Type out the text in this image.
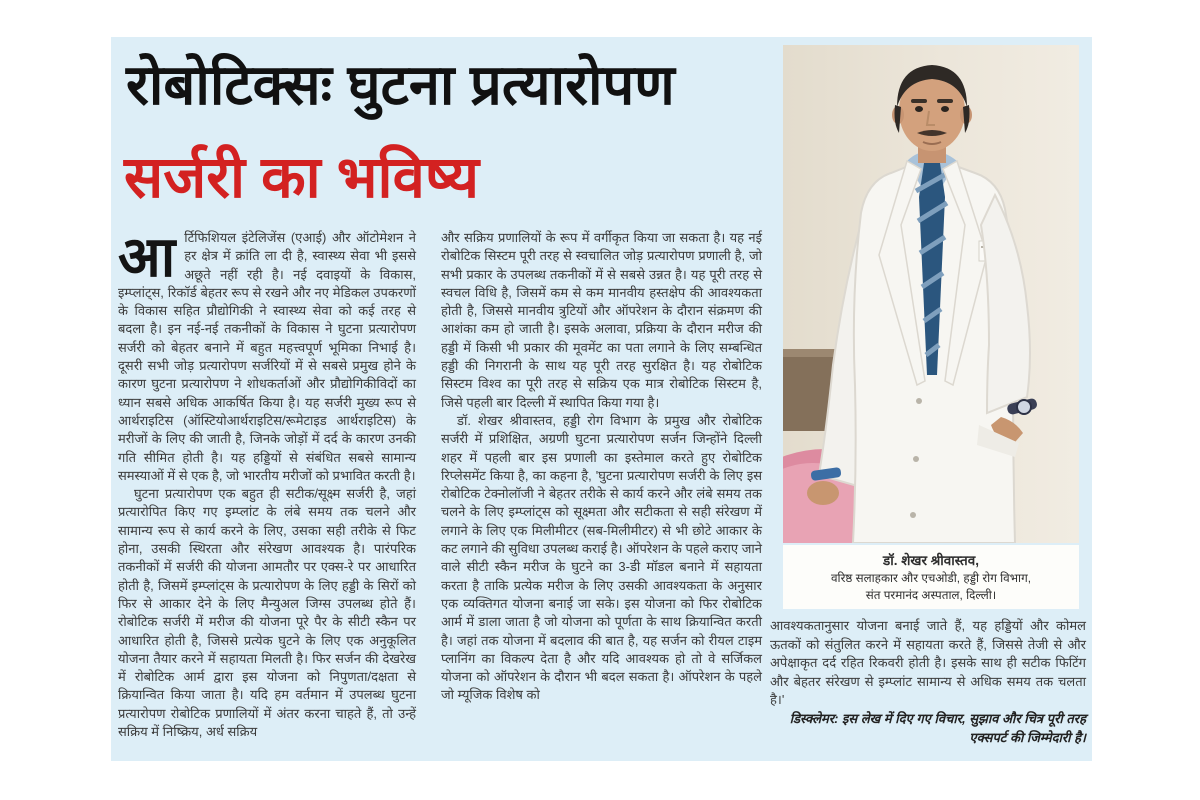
रोबोटिक्सः घुटना प्रत्यारोपण
सर्जरी का भविष्य

आर्टिफिशियल इंटेलिजेंस (एआई) और ऑटोमेशन ने हर क्षेत्र में क्रांति ला दी है, स्वास्थ्य सेवा भी इससे अछूते नहीं रही है। नई दवाइयों के विकास, इम्प्लांट्स, रिकॉर्ड बेहतर रूप से रखने और नए मेडिकल उपकरणों के विकास सहित प्रौद्योगिकी ने स्वास्थ्य सेवा को कई तरह से बदला है। इन नई-नई तकनीकों के विकास ने घुटना प्रत्यारोपण सर्जरी को बेहतर बनाने में बहुत महत्त्वपूर्ण भूमिका निभाई है। दूसरी सभी जोड़ प्रत्यारोपण सर्जरियों में से सबसे प्रमुख होने के कारण घुटना प्रत्यारोपण ने शोधकर्ताओं और प्रौद्योगिकीविदों का ध्यान सबसे अधिक आकर्षित किया है। यह सर्जरी मुख्य रूप से आर्थराइटिस (ऑस्टियोआर्थराइटिस/रूमेटाइड आर्थराइटिस) के मरीजों के लिए की जाती है, जिनके जोड़ों में दर्द के कारण उनकी गति सीमित होती है। यह हड्डियों से संबंधित सबसे सामान्य समस्याओं में से एक है, जो भारतीय मरीजों को प्रभावित करती है।

घुटना प्रत्यारोपण एक बहुत ही सटीक/सूक्ष्म सर्जरी है, जहां प्रत्यारोपित किए गए इम्प्लांट के लंबे समय तक चलने और सामान्य रूप से कार्य करने के लिए, उसका सही तरीके से फिट होना, उसकी स्थिरता और संरेखण आवश्यक है। पारंपरिक तकनीकों में सर्जरी की योजना आमतौर पर एक्स-रे पर आधारित होती है, जिसमें इम्प्लांट्स के प्रत्यारोपण के लिए हड्डी के सिरों को फिर से आकार देने के लिए मैन्युअल जिग्स उपलब्ध होते हैं। रोबोटिक सर्जरी में मरीज की योजना पूरे पैर के सीटी स्कैन पर आधारित होती है, जिससे प्रत्येक घुटने के लिए एक अनुकूलित योजना तैयार करने में सहायता मिलती है। फिर सर्जन की देखरेख में रोबोटिक आर्म द्वारा इस योजना को निपुणता/दक्षता से क्रियान्वित किया जाता है। यदि हम वर्तमान में उपलब्ध घुटना प्रत्यारोपण रोबोटिक प्रणालियों में अंतर करना चाहते हैं, तो उन्हें सक्रिय में निष्क्रिय, अर्ध सक्रिय

और सक्रिय प्रणालियों के रूप में वर्गीकृत किया जा सकता है। यह नई रोबोटिक सिस्टम पूरी तरह से स्वचालित जोड़ प्रत्यारोपण प्रणाली है, जो सभी प्रकार के उपलब्ध तकनीकों में से सबसे उन्नत है। यह पूरी तरह से स्वचल विधि है, जिसमें कम से कम मानवीय हस्तक्षेप की आवश्यकता होती है, जिससे मानवीय त्रुटियों और ऑपरेशन के दौरान संक्रमण की आशंका कम हो जाती है। इसके अलावा, प्रक्रिया के दौरान मरीज की हड्डी में किसी भी प्रकार की मूवमेंट का पता लगाने के लिए सम्बन्धित हड्डी की निगरानी के साथ यह पूरी तरह सुरक्षित है। यह रोबोटिक सिस्टम विश्व का पूरी तरह से सक्रिय एक मात्र रोबोटिक सिस्टम है, जिसे पहली बार दिल्ली में स्थापित किया गया है।

डॉ. शेखर श्रीवास्तव, हड्डी रोग विभाग के प्रमुख और रोबोटिक सर्जरी में प्रशिक्षित, अग्रणी घुटना प्रत्यारोपण सर्जन जिन्होंने दिल्ली शहर में पहली बार इस प्रणाली का इस्तेमाल करते हुए रोबोटिक रिप्लेसमेंट किया है, का कहना है, 'घुटना प्रत्यारोपण सर्जरी के लिए इस रोबोटिक टेक्नोलॉजी ने बेहतर तरीके से कार्य करने और लंबे समय तक चलने के लिए इम्प्लांट्स को सूक्ष्मता और सटीकता से सही संरेखण में लगाने के लिए एक मिलीमीटर (सब-मिलीमीटर) से भी छोटे आकार के कट लगाने की सुविधा उपलब्ध कराई है। ऑपरेशन के पहले कराए जाने वाले सीटी स्कैन मरीज के घुटने का 3-डी मॉडल बनाने में सहायता करता है ताकि प्रत्येक मरीज के लिए उसकी आवश्यकता के अनुसार एक व्यक्तिगत योजना बनाई जा सके। इस योजना को फिर रोबोटिक आर्म में डाला जाता है जो योजना को पूर्णता के साथ क्रियान्वित करती है। जहां तक योजना में बदलाव की बात है, यह सर्जन को रीयल टाइम प्लानिंग का विकल्प देता है और यदि आवश्यक हो तो वे सर्जिकल योजना को ऑपरेशन के दौरान भी बदल सकता है। ऑपरेशन के पहले जो म्यूजिक विशेष को

डॉ. शेखर श्रीवास्तव,
वरिष्ठ सलाहकार और एचओडी, हड्डी रोग विभाग,
संत परमानंद अस्पताल, दिल्ली।

आवश्यकतानुसार योजना बनाई जाते हैं, यह हड्डियों और कोमल ऊतकों को संतुलित करने में सहायता करते हैं, जिससे तेजी से और अपेक्षाकृत दर्द रहित रिकवरी होती है। इसके साथ ही सटीक फिटिंग और बेहतर संरेखण से इम्प्लांट सामान्य से अधिक समय तक चलता है।'

डिस्क्लेमर: इस लेख में दिए गए विचार, सुझाव और चित्र पूरी तरह एक्सपर्ट की जिम्मेदारी है।
